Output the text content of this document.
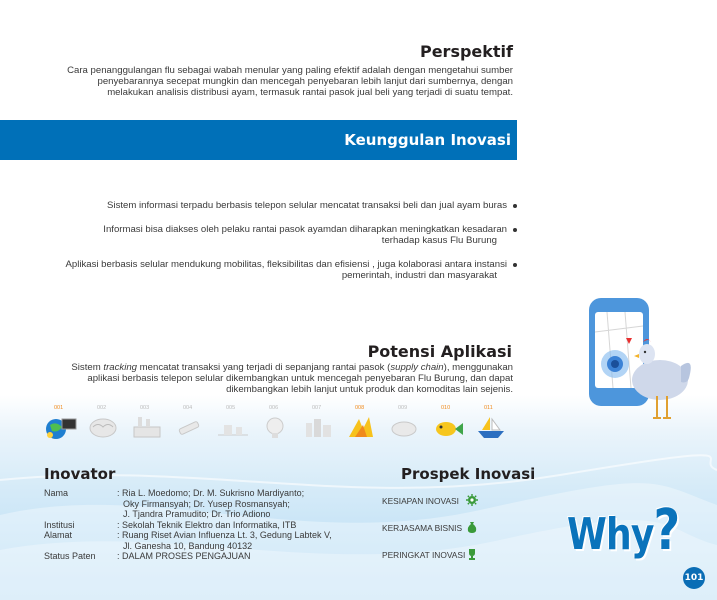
Perspektif
Cara penanggulangan flu sebagai wabah menular yang paling efektif adalah dengan mengetahui sumber
penyebarannya secepat mungkin dan mencegah penyebaran lebih lanjut dari sumbernya, dengan
melakukan analisis distribusi ayam, termasuk rantai pasok jual beli yang terjadi di suatu tempat.
Keunggulan Inovasi
Sistem informasi terpadu berbasis telepon selular mencatat transaksi beli dan jual ayam buras
Informasi bisa diakses oleh pelaku rantai pasok ayamdan diharapkan meningkatkan kesadaran
terhadap kasus Flu Burung
Aplikasi berbasis selular mendukung mobilitas, fleksibilitas dan efisiensi , juga kolaborasi antara instansi
pemerintah, industri dan masyarakat
Potensi Aplikasi
Sistem tracking mencatat transaksi yang terjadi di sepanjang rantai pasok (supply chain), menggunakan
aplikasi berbasis telepon selular dikembangkan untuk mencegah penyebaran Flu Burung, dan dapat
dikembangkan lebih lanjut untuk produk dan komoditas lain sejenis.
001	002	003	004	005	006	007	008	009	010	011
Inovator
Nama	: Ria L. Moedomo; Dr. M. Sukrisno Mardiyanto;
Oky Firmansyah; Dr. Yusep Rosmansyah;
J. Tjandra Pramudito; Dr. Trio Adiono
Institusi	: Sekolah Teknik Elektro dan Informatika, ITB
Alamat	: Ruang Riset Avian Influenza Lt. 3, Gedung Labtek V,
Jl. Ganesha 10, Bandung 40132
Status Paten	: DALAM PROSES PENGAJUAN
Prospek Inovasi
KESIAPAN INOVASI
KERJASAMA BISNIS
PERINGKAT INOVASI Why?
101
